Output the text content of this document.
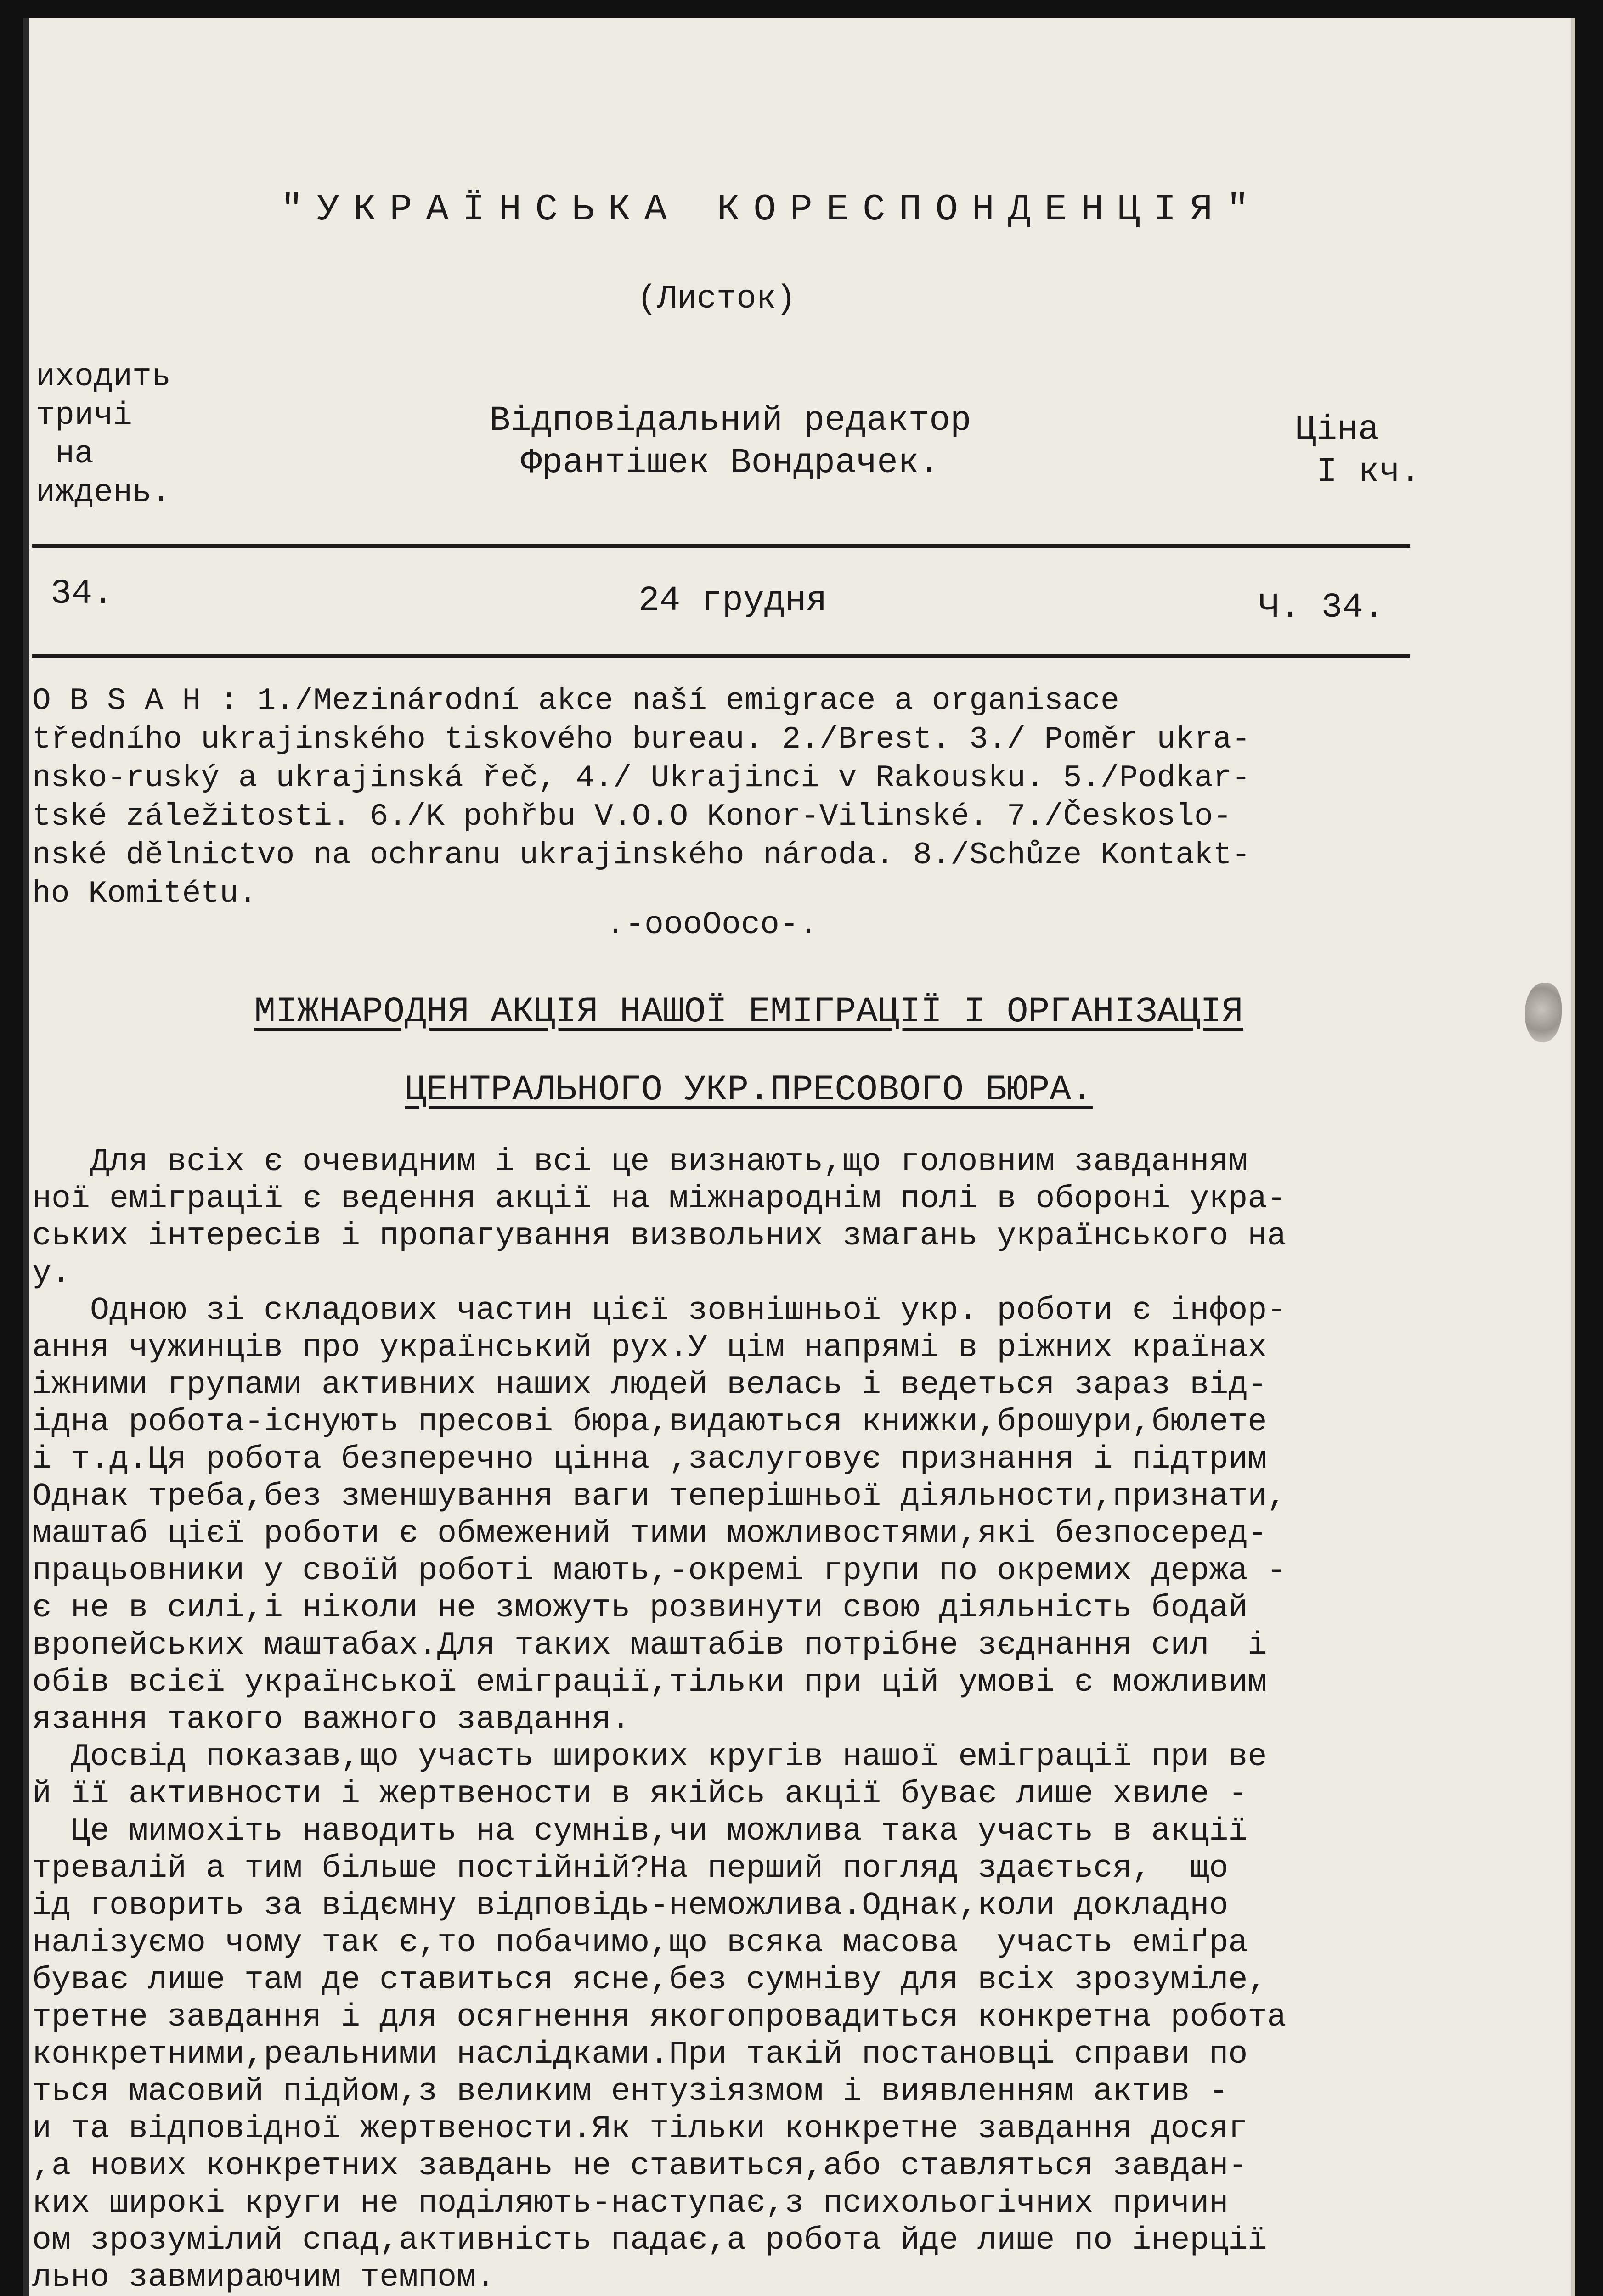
"УКРАЇНСЬКА КОРЕСПОНДЕНЦІЯ"
(Листок)
иходить
тричі
на
иждень.
Відповідальний редактор
Франтішек Вондрачек.
Ціна
I кч.
34.	24 грудня	Ч. 34.
О B S A H : 1./Mezinárodní akce naší emigrace a organisace
tředního ukrajinského tiskového bureau. 2./Brest. 3./ Poměr ukra-
nsko-ruský a ukrajinská řeč, 4./ Ukrajinci v Rakousku. 5./Podkar-
tské záležitosti. 6./K pohřbu V.O.O Konor-Vilinské. 7./Českoslo-
nské dělnictvo na ochranu ukrajinského národa. 8./Schůze Kontakt-
ho Komitétu.
.-oooOoco-.
МІЖНАРОДНЯ АКЦІЯ НАШОЇ ЕМІГРАЦІЇ І ОРГАНІЗАЦІЯ
ЦЕНТРАЛЬНОГО УКР.ПРЕСОВОГО БЮРА.
Для всіх є очевидним і всі це визнають,що головним завданням
ної еміграції є ведення акції на міжнароднім полі в обороні укра-
ських інтересів і пропагування визвольних змагань українського на
у.
Одною зі складових частин цієї зовнішньої укр. роботи є інфор-
ання чужинців про український рух.У цім напрямі в ріжних країнах
іжними групами активних наших людей велась і ведеться зараз від-
ідна робота-існують пресові бюра,видаються книжки,брошури,бюлете
і т.д.Ця робота безперечно цінна ,заслуговує признання і підтрим
Однак треба,без зменшування ваги теперішньої діяльности,признати,
маштаб цієї роботи є обмежений тими можливостями,які безпосеред-
працьовники у своїй роботі мають,-окремі групи по окремих держа -
є не в силі,і ніколи не зможуть розвинути свою діяльність бодай
вропейських маштабах.Для таких маштабів потрібне зєднання сил  і
обів всієї української еміграції,тільки при цій умові є можливим
язання такого важного завдання.
Досвід показав,що участь широких кругів нашої еміграції при ве
й її активности і жертвености в якійсь акції буває лише хвиле -
Це мимохіть наводить на сумнів,чи можлива така участь в акції
тревалій а тим більше постійній?На перший погляд здається,  що
ід говорить за відємну відповідь-неможлива.Однак,коли докладно
налізуємо чому так є,то побачимо,що всяка масова  участь еміґра
буває лише там де ставиться ясне,без сумніву для всіх зрозуміле,
третне завдання і для осягнення якогопровадиться конкретна робота
конкретними,реальними наслідками.При такій постановці справи по
ться масовий підйом,з великим ентузіязмом і виявленням актив -
и та відповідної жертвености.Як тільки конкретне завдання досяг
,а нових конкретних завдань не ставиться,або ставляться завдан-
ких широкі круги не поділяють-наступає,з психольогічних причин
ом зрозумілий спад,активність падає,а робота йде лише по інерції
льно завмираючим темпом.
